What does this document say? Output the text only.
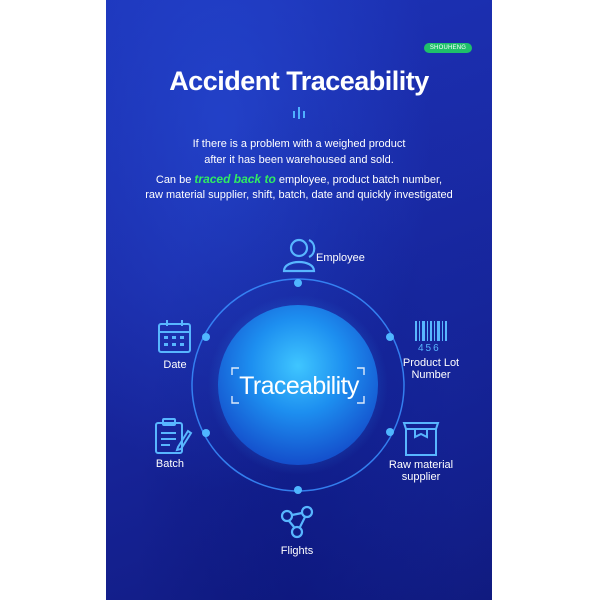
SHOUHENG
Accident Traceability
If there is a problem with a weighed product
after it has been warehoused and sold.
Can be traced back to employee, product batch number,
raw material supplier, shift, batch, date and quickly investigated
456
Traceability
Employee
Date	Product Lot
Number
Batch	Raw material
supplier
Flights
